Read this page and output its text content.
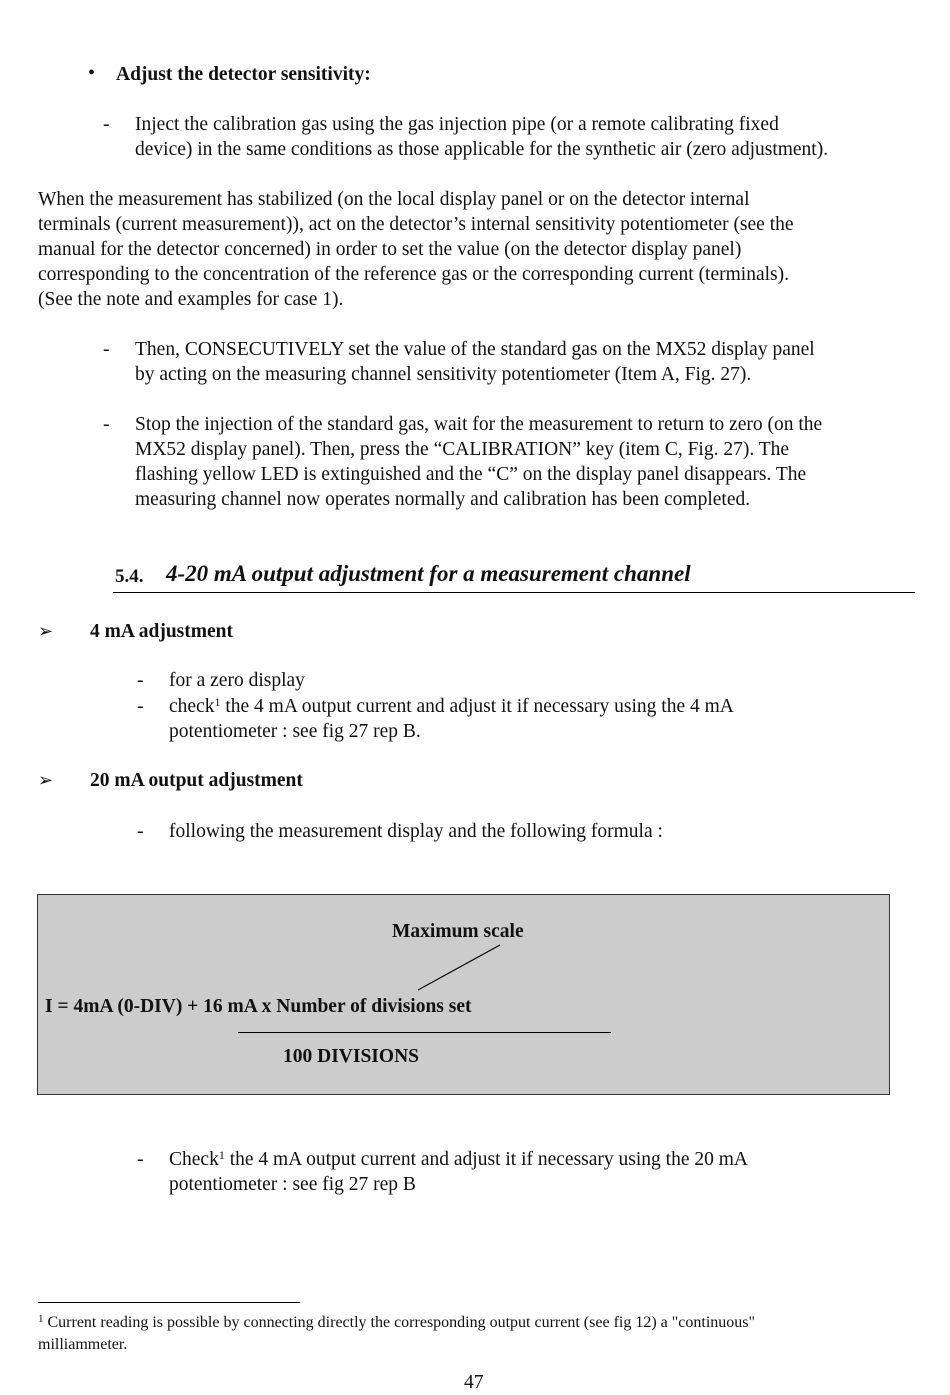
• Adjust the detector sensitivity:
- Inject the calibration gas using the gas injection pipe (or a remote calibrating fixed
device) in the same conditions as those applicable for the synthetic air (zero adjustment).
When the measurement has stabilized (on the local display panel or on the detector internal
terminals (current measurement)), act on the detector’s internal sensitivity potentiometer (see the
manual for the detector concerned) in order to set the value (on the detector display panel)
corresponding to the concentration of the reference gas or the corresponding current (terminals).
(See the note and examples for case 1).
- Then, CONSECUTIVELY set the value of the standard gas on the MX52 display panel
by acting on the measuring channel sensitivity potentiometer (Item A, Fig. 27).
- Stop the injection of the standard gas, wait for the measurement to return to zero (on the
MX52 display panel). Then, press the “CALIBRATION” key (item C, Fig. 27). The
flashing yellow LED is extinguished and the “C” on the display panel disappears. The
measuring channel now operates normally and calibration has been completed.
5.4. 4-20 mA output adjustment for a measurement channel
➢ 4 mA adjustment
- for a zero display
- check$^1$ the 4 mA output current and adjust it if necessary using the 4 mA
potentiometer : see fig 27 rep B.
➢ 20 mA output adjustment
- following the measurement display and the following formula :
Maximum scale
I = 4mA (0-DIV) + 16 mA x Number of divisions set
100 DIVISIONS
- Check$^1$ the 4 mA output current and adjust it if necessary using the 20 mA
potentiometer : see fig 27 rep B
$^1$ Current reading is possible by connecting directly the corresponding output current (see fig 12) a "continuous"
milliammeter.
47
